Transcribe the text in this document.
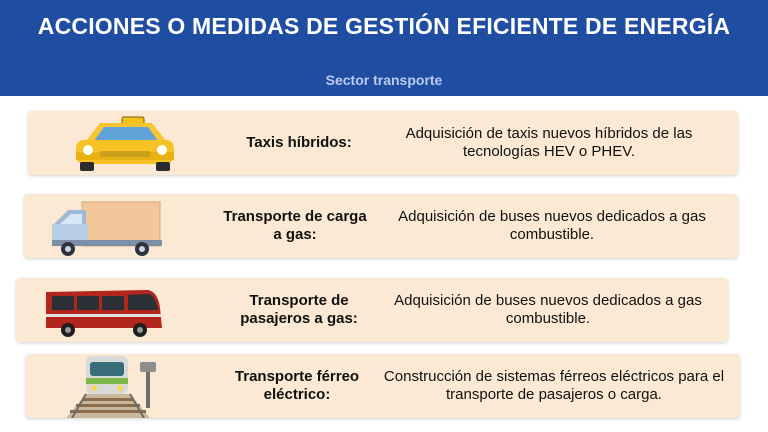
ACCIONES O MEDIDAS DE GESTIÓN EFICIENTE DE ENERGÍA
Sector transporte
Taxis híbridos:
Adquisición de taxis nuevos híbridos de las tecnologías HEV o PHEV.
Transporte de carga a gas:
Adquisición de buses nuevos dedicados a gas combustible.
Transporte de pasajeros a gas:
Adquisición de buses nuevos dedicados a gas combustible.
Transporte férreo eléctrico:
Construcción de sistemas férreos eléctricos para el transporte de pasajeros o carga.
